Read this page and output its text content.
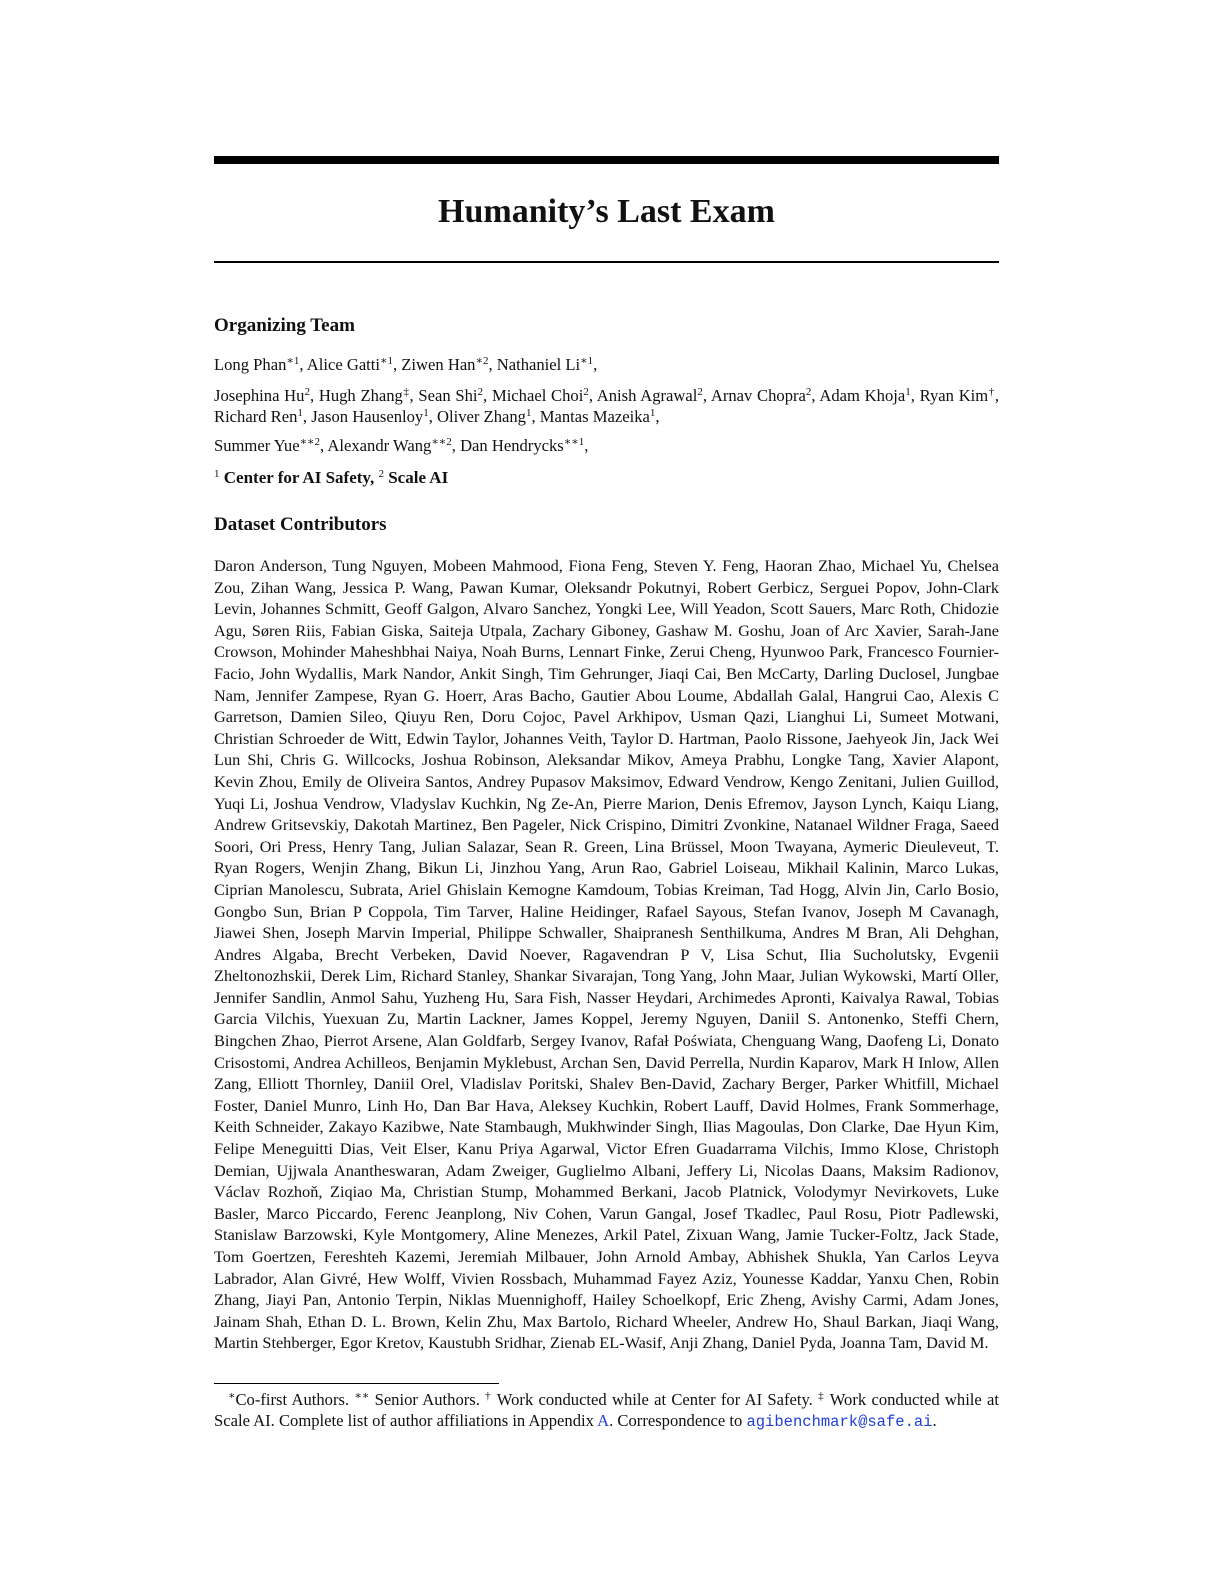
Humanity’s Last Exam

Organizing Team

Long Phan$^{∗1}$, Alice Gatti$^{∗1}$, Ziwen Han$^{∗2}$, Nathaniel $Li^{∗1}$,

Josephina Hu$^2$, Hugh Zhang‡, Sean Shi$^2$, Michael Choi$^2$, Anish Agrawal$^2$, Arnav Chopra$^2$, Adam Khoja$^1$, Ryan Kim†, Richard Ren$^1$, Jason Hausenloy$^1$, Oliver Zhang$^1$, Mantas Mazeika$^1$,

Summer Yue$^{∗∗2}$, Alexandr Wang$^{∗∗2}$, Dan Hendrycks$^{∗∗1}$,

$^1$ Center for AI Safety, $^2$ Scale AI

Dataset Contributors

Daron Anderson, Tung Nguyen, Mobeen Mahmood, Fiona Feng, Steven Y. Feng, Haoran Zhao, Michael Yu, Chelsea Zou, Zihan Wang, Jessica P. Wang, Pawan Kumar, Oleksandr Pokutnyi, Robert Gerbicz, Serguei Popov, John-Clark Levin, Johannes Schmitt, Geoff Galgon, Alvaro Sanchez, Yongki Lee, Will Yeadon, Scott Sauers, Marc Roth, Chidozie Agu, Søren Riis, Fabian Giska, Saiteja Utpala, Zachary Giboney, Gashaw M. Goshu, Joan of Arc Xavier, Sarah-Jane Crowson, Mohinder Maheshbhai Naiya, Noah Burns, Lennart Finke, Zerui Cheng, Hyunwoo Park, Francesco Fournier-Facio, John Wydallis, Mark Nandor, Ankit Singh, Tim Gehrunger, Jiaqi Cai, Ben McCarty, Darling Duclosel, Jungbae Nam, Jennifer Zampese, Ryan G. Hoerr, Aras Bacho, Gautier Abou Loume, Abdallah Galal, Hangrui Cao, Alexis C Garretson, Damien Sileo, Qiuyu Ren, Doru Cojoc, Pavel Arkhipov, Usman Qazi, Lianghui Li, Sumeet Motwani, Christian Schroeder de Witt, Edwin Taylor, Johannes Veith, Taylor D. Hartman, Paolo Rissone, Jaehyeok Jin, Jack Wei Lun Shi, Chris G. Willcocks, Joshua Robinson, Aleksandar Mikov, Ameya Prabhu, Longke Tang, Xavier Alapont, Kevin Zhou, Emily de Oliveira Santos, Andrey Pupasov Maksimov, Edward Vendrow, Kengo Zenitani, Julien Guillod, Yuqi Li, Joshua Vendrow, Vladyslav Kuchkin, Ng Ze-An, Pierre Marion, Denis Efremov, Jayson Lynch, Kaiqu Liang, Andrew Gritsevskiy, Dakotah Martinez, Ben Pageler, Nick Crispino, Dimitri Zvonkine, Natanael Wildner Fraga, Saeed Soori, Ori Press, Henry Tang, Julian Salazar, Sean R. Green, Lina Brüssel, Moon Twayana, Aymeric Dieuleveut, T. Ryan Rogers, Wenjin Zhang, Bikun Li, Jinzhou Yang, Arun Rao, Gabriel Loiseau, Mikhail Kalinin, Marco Lukas, Ciprian Manolescu, Subrata, Ariel Ghislain Kemogne Kamdoum, Tobias Kreiman, Tad Hogg, Alvin Jin, Carlo Bosio, Gongbo Sun, Brian P Coppola, Tim Tarver, Haline Heidinger, Rafael Sayous, Stefan Ivanov, Joseph M Cavanagh, Jiawei Shen, Joseph Marvin Imperial, Philippe Schwaller, Shaipranesh Senthilkuma, Andres M Bran, Ali Dehghan, Andres Algaba, Brecht Verbeken, David Noever, Ragavendran P V, Lisa Schut, Ilia Sucholutsky, Evgenii Zheltonozhskii, Derek Lim, Richard Stanley, Shankar Sivarajan, Tong Yang, John Maar, Julian Wykowski, Martí Oller, Jennifer Sandlin, Anmol Sahu, Yuzheng Hu, Sara Fish, Nasser Heydari, Archimedes Apronti, Kaivalya Rawal, Tobias Garcia Vilchis, Yuexuan Zu, Martin Lackner, James Koppel, Jeremy Nguyen, Daniil S. Antonenko, Steffi Chern, Bingchen Zhao, Pierrot Arsene, Alan Goldfarb, Sergey Ivanov, Rafał Poświata, Chenguang Wang, Daofeng Li, Donato Crisostomi, Andrea Achilleos, Benjamin Myklebust, Archan Sen, David Perrella, Nurdin Kaparov, Mark H Inlow, Allen Zang, Elliott Thornley, Daniil Orel, Vladislav Poritski, Shalev Ben-David, Zachary Berger, Parker Whitfill, Michael Foster, Daniel Munro, Linh Ho, Dan Bar Hava, Aleksey Kuchkin, Robert Lauff, David Holmes, Frank Sommerhage, Keith Schneider, Zakayo Kazibwe, Nate Stambaugh, Mukhwinder Singh, Ilias Magoulas, Don Clarke, Dae Hyun Kim, Felipe Meneguitti Dias, Veit Elser, Kanu Priya Agarwal, Victor Efren Guadarrama Vilchis, Immo Klose, Christoph Demian, Ujjwala Anantheswaran, Adam Zweiger, Guglielmo Albani, Jeffery Li, Nicolas Daans, Maksim Radionov, Václav Rozhoň, Ziqiao Ma, Christian Stump, Mohammed Berkani, Jacob Platnick, Volodymyr Nevirkovets, Luke Basler, Marco Piccardo, Ferenc Jeanplong, Niv Cohen, Varun Gangal, Josef Tkadlec, Paul Rosu, Piotr Padlewski, Stanislaw Barzowski, Kyle Montgomery, Aline Menezes, Arkil Patel, Zixuan Wang, Jamie Tucker-Foltz, Jack Stade, Tom Goertzen, Fereshteh Kazemi, Jeremiah Milbauer, John Arnold Ambay, Abhishek Shukla, Yan Carlos Leyva Labrador, Alan Givré, Hew Wolff, Vivien Rossbach, Muhammad Fayez Aziz, Younesse Kaddar, Yanxu Chen, Robin Zhang, Jiayi Pan, Antonio Terpin, Niklas Muennighoff, Hailey Schoelkopf, Eric Zheng, Avishy Carmi, Adam Jones, Jainam Shah, Ethan D. L. Brown, Kelin Zhu, Max Bartolo, Richard Wheeler, Andrew Ho, Shaul Barkan, Jiaqi Wang, Martin Stehberger, Egor Kretov, Kaustubh Sridhar, Zienab EL-Wasif, Anji Zhang, Daniel Pyda, Joanna Tam, David M.

∗Co-first Authors. ∗∗ Senior Authors. † Work conducted while at Center for AI Safety. ‡ Work conducted while at Scale AI. Complete list of author affiliations in Appendix A. Correspondence to agibenchmark@safe.ai.
